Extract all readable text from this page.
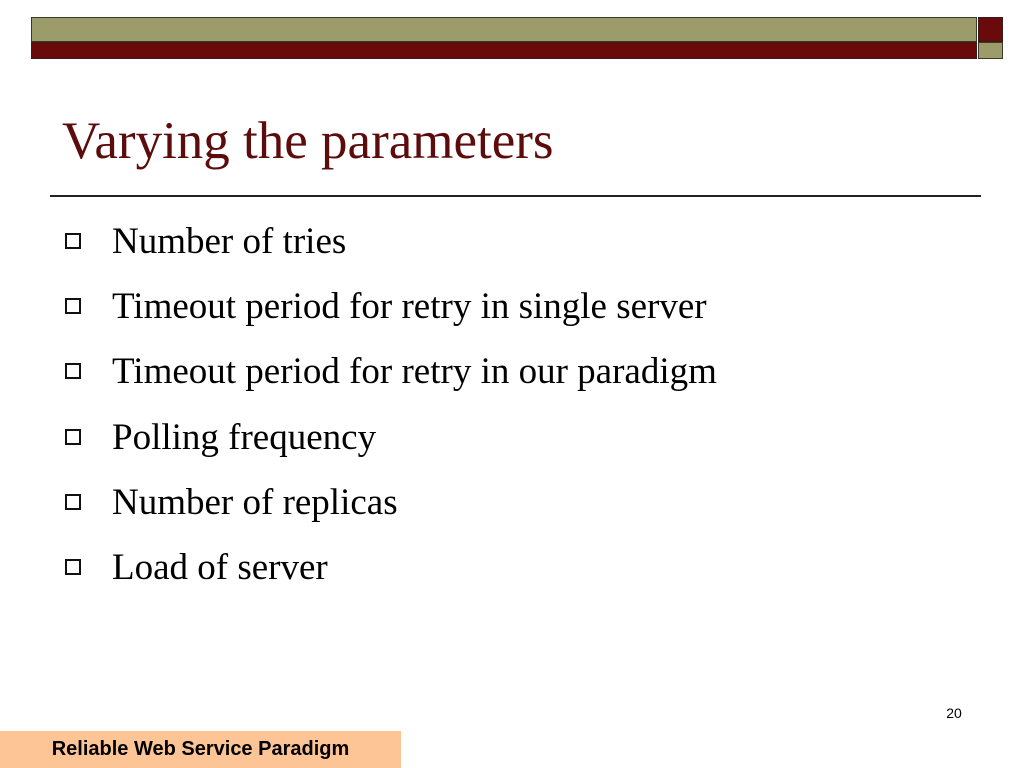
Varying the parameters
Number of tries
Timeout period for retry in single server
Timeout period for retry in our paradigm
Polling frequency
Number of replicas
Load of server
20
Reliable Web Service Paradigm
